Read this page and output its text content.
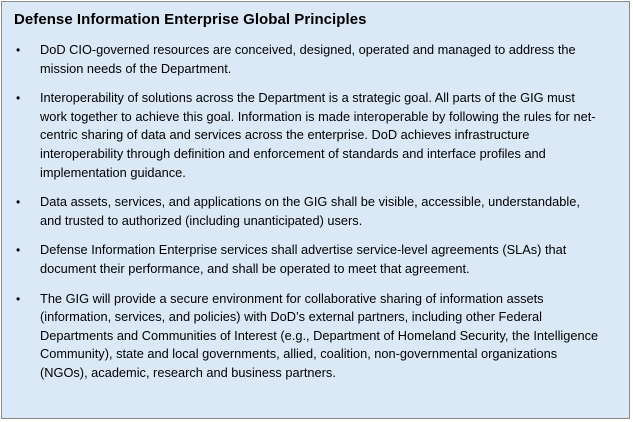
Defense Information Enterprise Global Principles
• DoD CIO-governed resources are conceived, designed, operated and managed to address the mission needs of the Department.
• Interoperability of solutions across the Department is a strategic goal. All parts of the GIG must work together to achieve this goal. Information is made interoperable by following the rules for net-centric sharing of data and services across the enterprise. DoD achieves infrastructure interoperability through definition and enforcement of standards and interface profiles and implementation guidance.
• Data assets, services, and applications on the GIG shall be visible, accessible, understandable, and trusted to authorized (including unanticipated) users.
• Defense Information Enterprise services shall advertise service-level agreements (SLAs) that document their performance, and shall be operated to meet that agreement.
• The GIG will provide a secure environment for collaborative sharing of information assets (information, services, and policies) with DoD’s external partners, including other Federal Departments and Communities of Interest (e.g., Department of Homeland Security, the Intelligence Community), state and local governments, allied, coalition, non-governmental organizations (NGOs), academic, research and business partners.
